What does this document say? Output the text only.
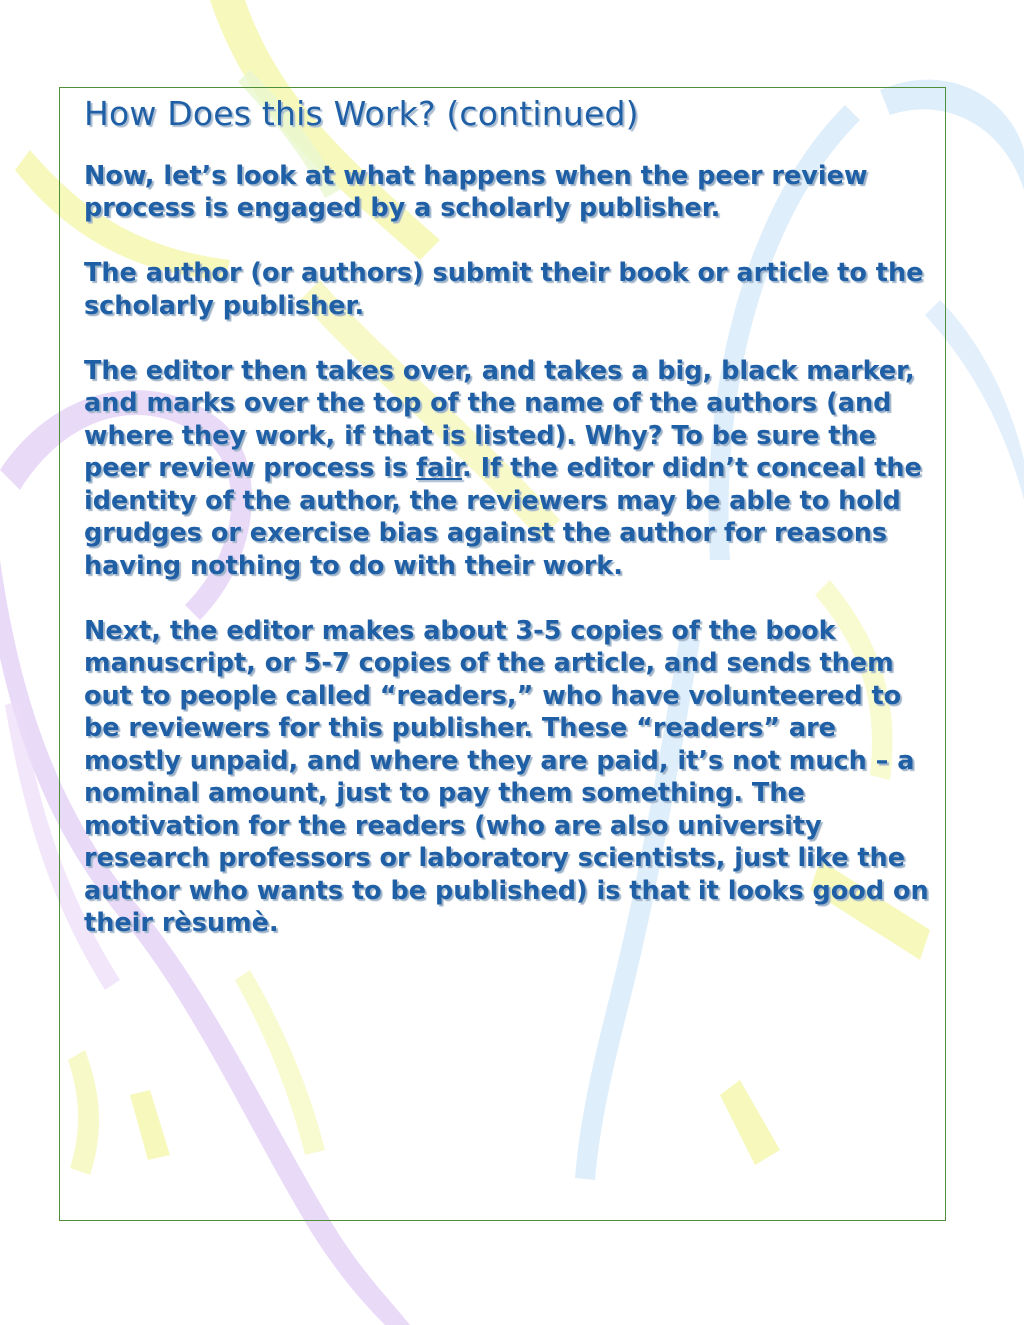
How Does this Work? (continued)

Now, let’s look at what happens when the peer review process is engaged by a scholarly publisher.

The author (or authors) submit their book or article to the scholarly publisher.

The editor then takes over, and takes a big, black marker, and marks over the top of the name of the authors (and where they work, if that is listed). Why? To be sure the peer review process is fair. If the editor didn’t conceal the identity of the author, the reviewers may be able to hold grudges or exercise bias against the author for reasons having nothing to do with their work.

Next, the editor makes about 3-5 copies of the book manuscript, or 5-7 copies of the article, and sends them out to people called “readers,” who have volunteered to be reviewers for this publisher. These “readers” are mostly unpaid, and where they are paid, it’s not much – a nominal amount, just to pay them something. The motivation for the readers (who are also university research professors or laboratory scientists, just like the author who wants to be published) is that it looks good on their rèsumè.
